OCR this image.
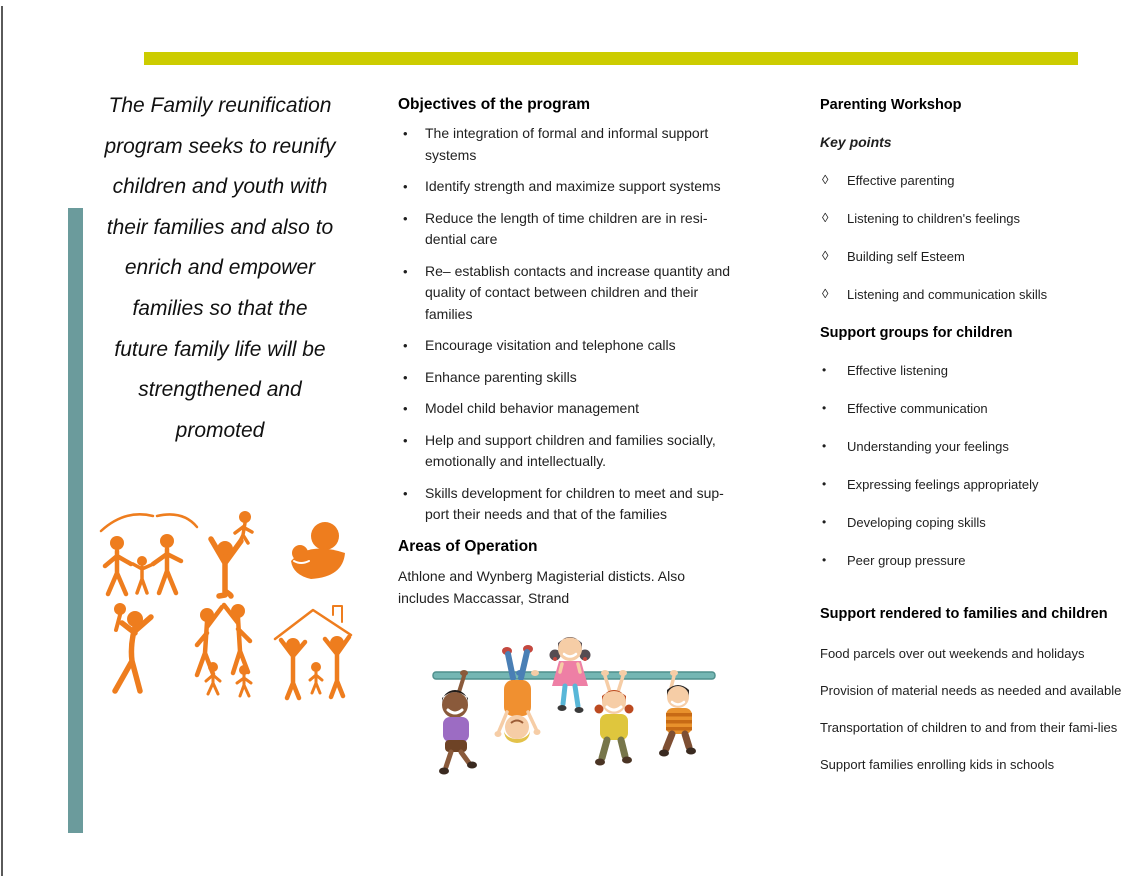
The Family reunification
program seeks to reunify
children and youth with
their families and also to
enrich and empower
families so that the
future family life will be
strengthened and
promoted
Objectives of the program
• The integration of formal and informal support systems
• Identify strength and maximize support systems
• Reduce the length of time children are in resi-dential care
• Re– establish contacts and increase quantity and quality of contact between children and their families
• Encourage visitation and telephone calls
• Enhance parenting skills
• Model child behavior management
• Help and support children and families socially, emotionally and intellectually.
• Skills development for children to meet and sup-port their needs and that of the families
Areas of Operation

Athlone and Wynberg Magisterial disticts. Also includes Maccassar, Strand

Parenting Workshop
Key points
◊ Effective parenting
◊ Listening to children's feelings
◊ Building self Esteem
◊ Listening and communication skills
Support groups for children
• Effective listening
• Effective communication
• Understanding your feelings
• Expressing feelings appropriately
• Developing coping skills
• Peer group pressure
Support rendered to families and children

Food parcels over out weekends and holidays

Provision of material needs as needed and available

Transportation of children to and from their fami-lies

Support families enrolling kids in schools
